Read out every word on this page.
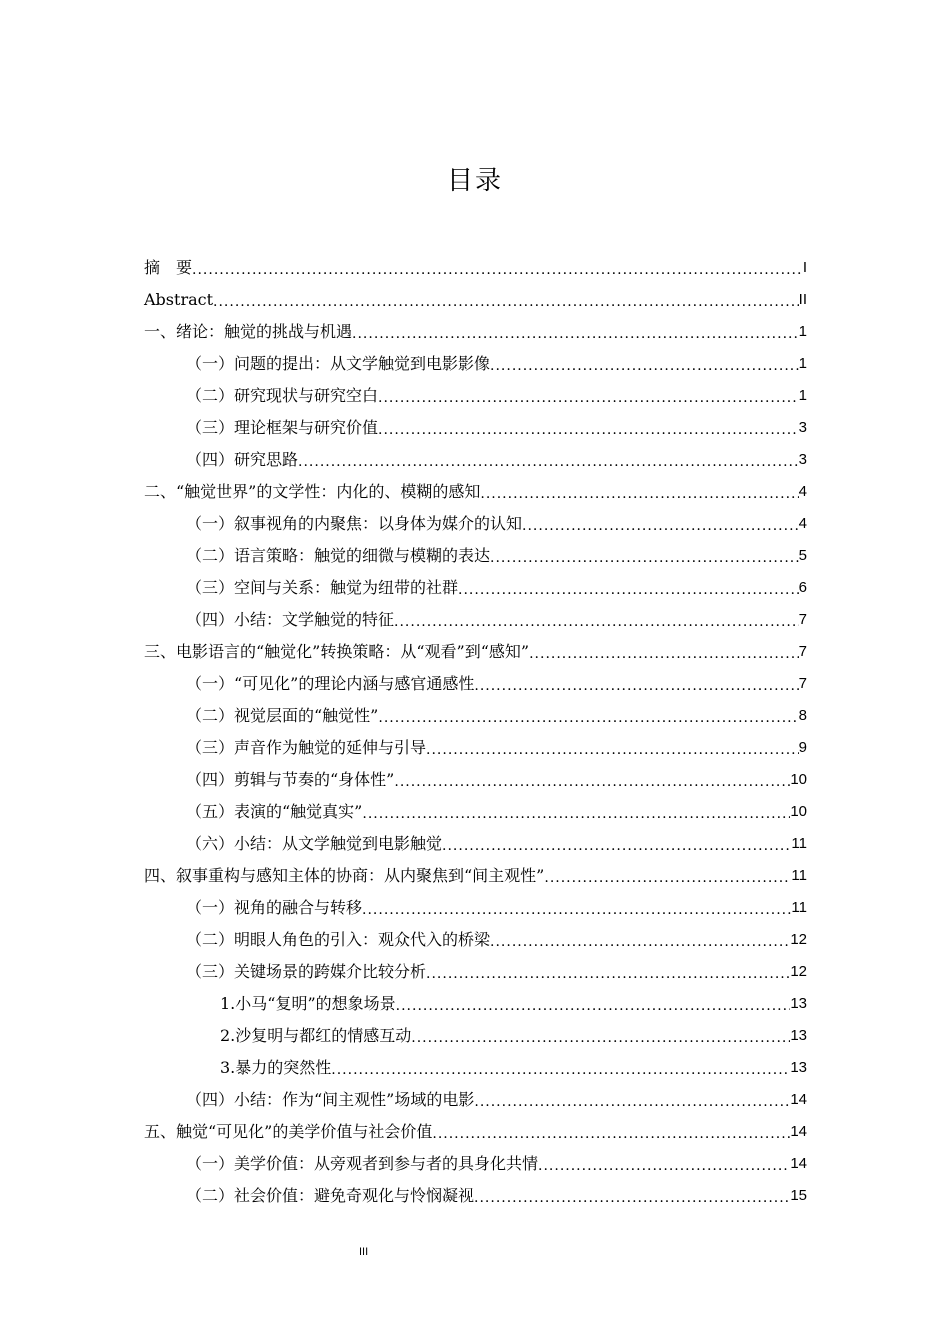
目录
摘　要 .....	I
Abstract .....	II
一、绪论：触觉的挑战与机遇 .....	1
（一）问题的提出：从文学触觉到电影影像 .....	1
（二）研究现状与研究空白 .....	1
（三）理论框架与研究价值 .....	3
（四）研究思路 .....	3
二、“触觉世界”的文学性：内化的、模糊的感知 .....	4
（一）叙事视角的内聚焦：以身体为媒介的认知 .....	4
（二）语言策略：触觉的细微与模糊的表达 .....	5
（三）空间与关系：触觉为纽带的社群 .....	6
（四）小结：文学触觉的特征 .....	7
三、电影语言的“触觉化”转换策略：从“观看”到“感知” .....	7
（一）“可见化”的理论内涵与感官通感性 .....	7
（二）视觉层面的“触觉性” .....	8
（三）声音作为触觉的延伸与引导 .....	9
（四）剪辑与节奏的“身体性” .....	10
（五）表演的“触觉真实” .....	10
（六）小结：从文学触觉到电影触觉 .....	11
四、叙事重构与感知主体的协商：从内聚焦到“间主观性” .....	11
（一）视角的融合与转移 .....	11
（二）明眼人角色的引入：观众代入的桥梁 .....	12
（三）关键场景的跨媒介比较分析 .....	12
1.小马“复明”的想象场景 .....	13
2.沙复明与都红的情感互动 .....	13
3.暴力的突然性 .....	13
（四）小结：作为“间主观性”场域的电影 .....	14
五、触觉“可见化”的美学价值与社会价值 .....	14
（一）美学价值：从旁观者到参与者的具身化共情 .....	14
（二）社会价值：避免奇观化与怜悯凝视 .....	15
III
